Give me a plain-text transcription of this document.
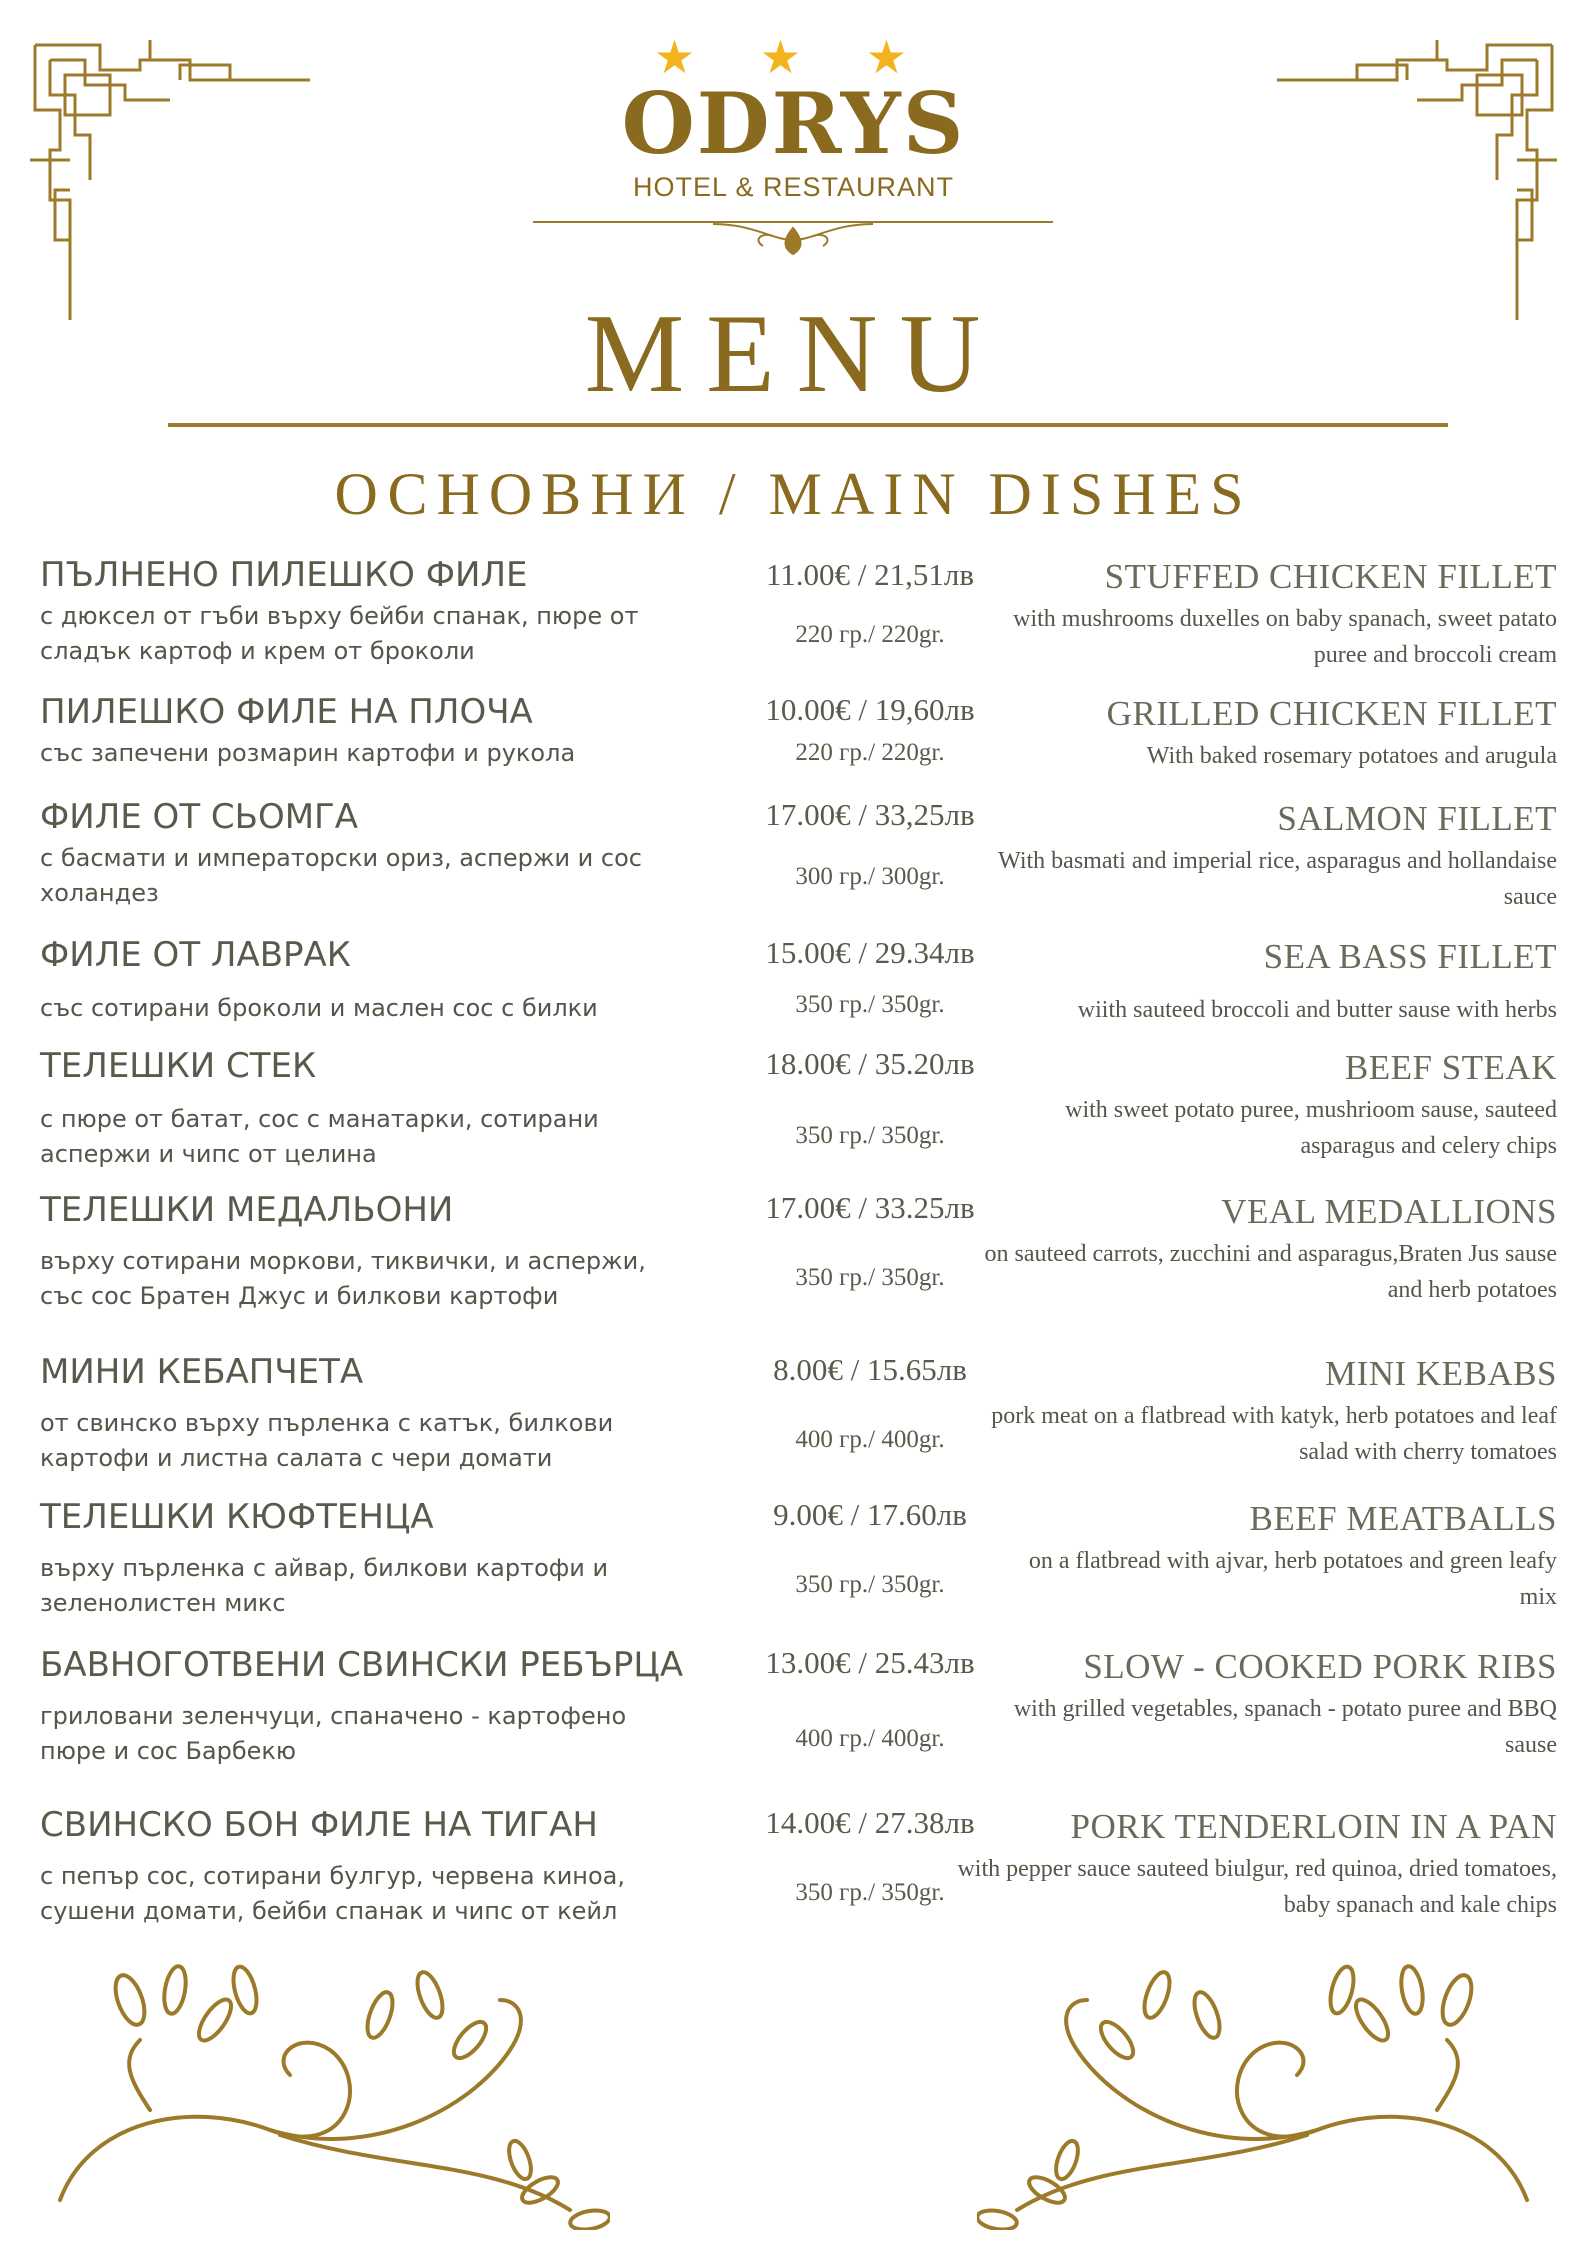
★ ★ ★
ODRYS
HOTEL & RESTAURANT
MENU
ОСНОВНИ / MAIN DISHES
ПЪЛНЕНО ПИЛЕШКО ФИЛЕ
с дюксел от гъби върху бейби спанак, пюре от сладък картоф и крем от броколи
11.00€ / 21,51лв
220 гр./ 220gr.
STUFFED CHICKEN FILLET
with mushrooms duxelles on baby spanach, sweet patato puree and broccoli cream
ПИЛЕШКО ФИЛЕ НА ПЛОЧА
със запечени розмарин картофи и рукола
10.00€ / 19,60лв
220 гр./ 220gr.
GRILLED CHICKEN FILLET
With baked rosemary potatoes and arugula
ФИЛЕ ОТ СЬОМГА
с басмати и императорски ориз, аспержи и сос холандез
17.00€ / 33,25лв
300 гр./ 300gr.
SALMON FILLET
With basmati and imperial rice, asparagus and hollandaise sauce
ФИЛЕ ОТ ЛАВРАК
със сотирани броколи и маслен сос с билки
15.00€ / 29.34лв
350 гр./ 350gr.
SEA BASS FILLET
wiith sauteed broccoli and butter sause with herbs
ТЕЛЕШКИ СТЕК
с пюре от батат, сос с манатарки, сотирани аспержи и чипс от целина
18.00€ / 35.20лв
350 гр./ 350gr.
BEEF STEAK
with sweet potato puree, mushrioom sause, sauteed asparagus and celery chips
ТЕЛЕШКИ МЕДАЛЬОНИ
върху сотирани моркови, тиквички, и аспержи, със сос Братен Джус и билкови картофи
17.00€ / 33.25лв
350 гр./ 350gr.
VEAL MEDALLIONS
on sauteed carrots, zucchini and asparagus,Braten Jus sause and herb potatoes
МИНИ КЕБАПЧЕТА
от свинско върху пърленка с катък, билкови картофи и листна салата с чери домати
8.00€ / 15.65лв
400 гр./ 400gr.
MINI KEBABS
pork meat on a flatbread with katyk, herb potatoes and leaf salad with cherry tomatoes
ТЕЛЕШКИ КЮФТЕНЦА
върху пърленка с айвар, билкови картофи и зеленолистен микс
9.00€ / 17.60лв
350 гр./ 350gr.
BEEF MEATBALLS
on a flatbread with ajvar, herb potatoes and green leafy mix
БАВНОГОТВЕНИ СВИНСКИ РЕБЪРЦА
гриловани зеленчуци, спаначено - картофено пюре и сос Барбекю
13.00€ / 25.43лв
400 гр./ 400gr.
SLOW - COOKED PORK RIBS
with grilled vegetables, spanach - potato puree and BBQ sause
СВИНСКО БОН ФИЛЕ НА ТИГАН
с пепър сос, сотирани булгур, червена киноа, сушени домати, бейби спанак и чипс от кейл
14.00€ / 27.38лв
350 гр./ 350gr.
PORK TENDERLOIN IN A PAN
with pepper sauce sauteed biulgur, red quinoa, dried tomatoes, baby spanach and kale chips
